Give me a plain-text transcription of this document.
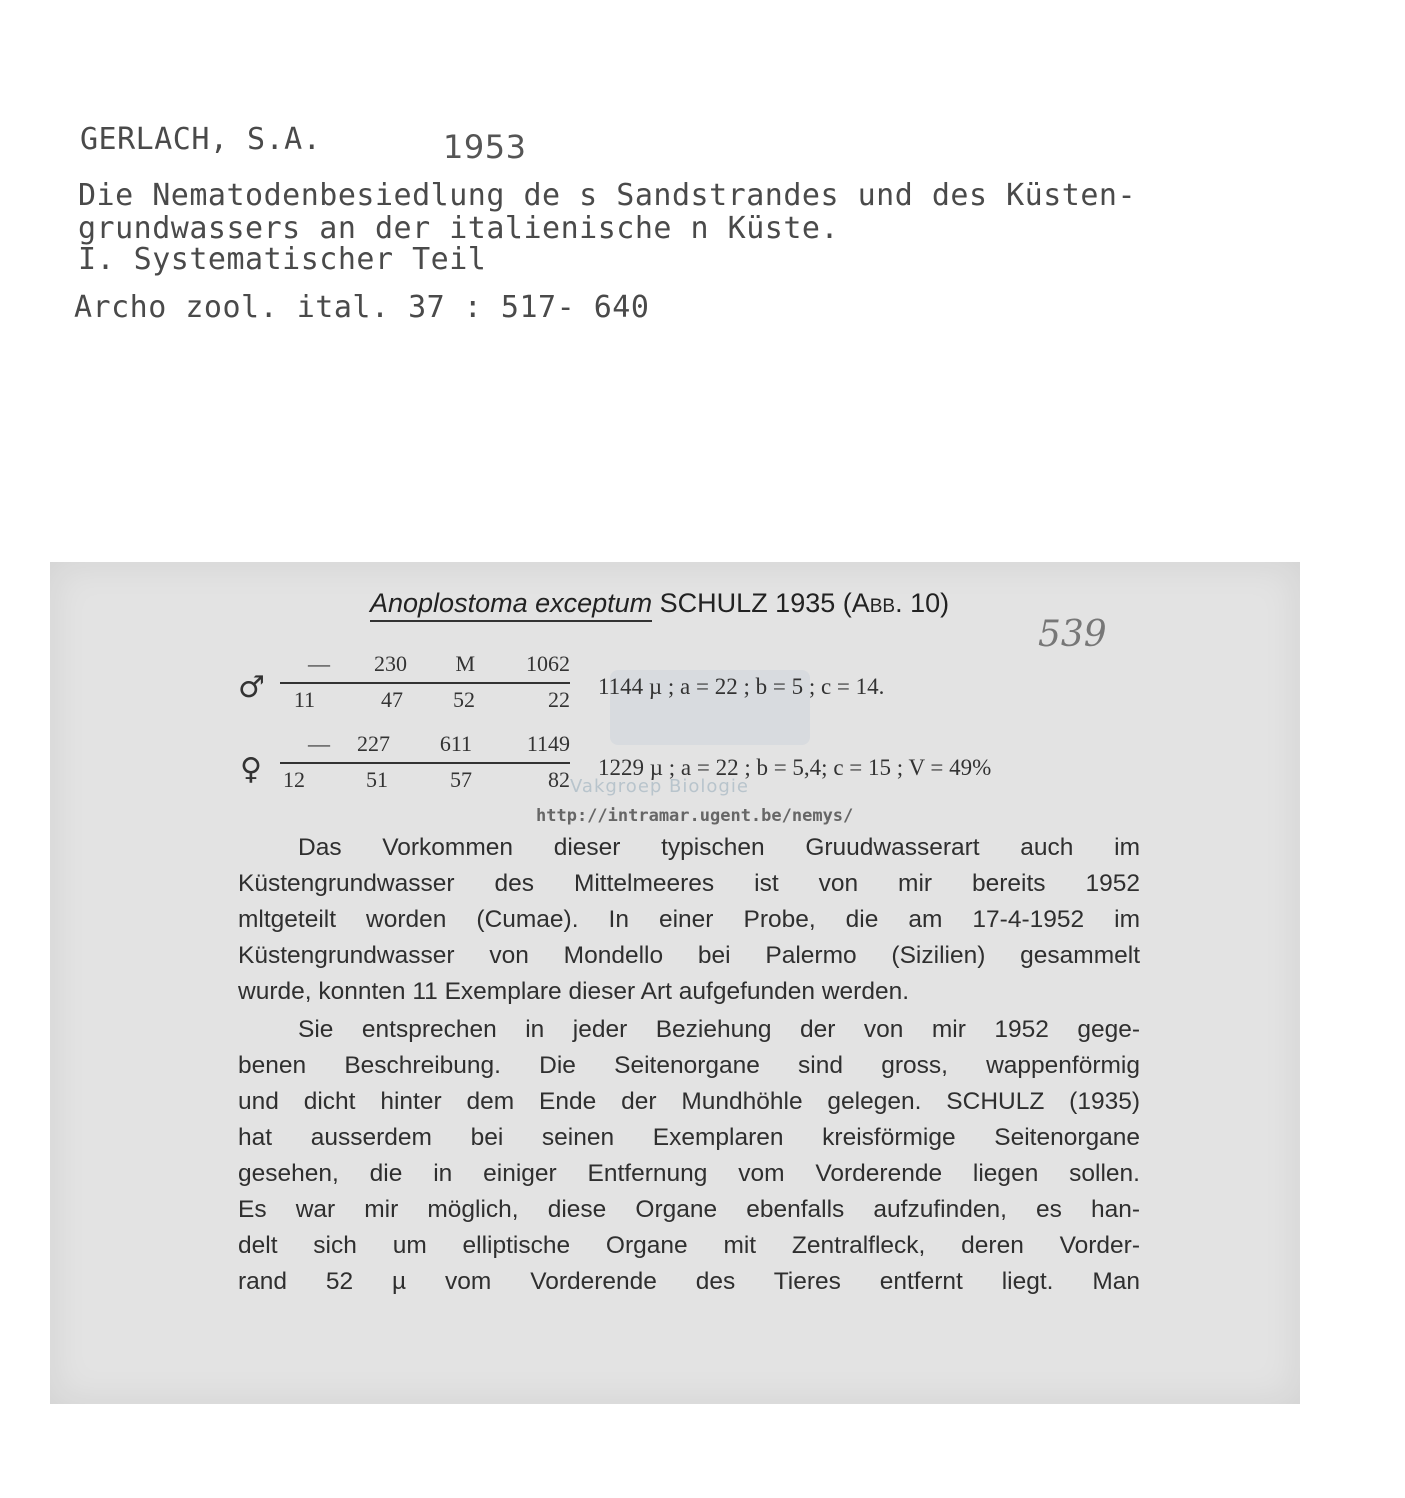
GERLACH, S.A.	1953
Die Nematodenbesiedlung de s Sandstrandes und des Küsten-
grundwassers an der italienische n Küste.
I. Systematischer Teil
Archo zool. ital. 37 : 517- 640
Anoplostoma exceptum SCHULZ 1935 (Abb. 10)
539
♂
—	230	M	1062
11	47	52	22
1144 µ ; a = 22 ; b = 5 ; c = 14.
♀
—	227	611	1149
12	51	57	82 1229 µ ; a = 22 ; b = 5,4; c = 15 ; V = 49%
Vakgroep Biologie
http://intramar.ugent.be/nemys/
Das Vorkommen dieser typischen Gruudwasserart auch im
Küstengrundwasser des Mittelmeeres ist von mir bereits 1952
mltgeteilt worden (Cumae). In einer Probe, die am 17-4-1952 im
Küstengrundwasser von Mondello bei Palermo (Sizilien) gesammelt
wurde, konnten 11 Exemplare dieser Art aufgefunden werden.
Sie entsprechen in jeder Beziehung der von mir 1952 gege-
benen Beschreibung. Die Seitenorgane sind gross, wappenförmig
und dicht hinter dem Ende der Mundhöhle gelegen. SCHULZ (1935)
hat ausserdem bei seinen Exemplaren kreisförmige Seitenorgane
gesehen, die in einiger Entfernung vom Vorderende liegen sollen.
Es war mir möglich, diese Organe ebenfalls aufzufinden, es han-
delt sich um elliptische Organe mit Zentralfleck, deren Vorder-
rand 52 µ vom Vorderende des Tieres entfernt liegt. Man
